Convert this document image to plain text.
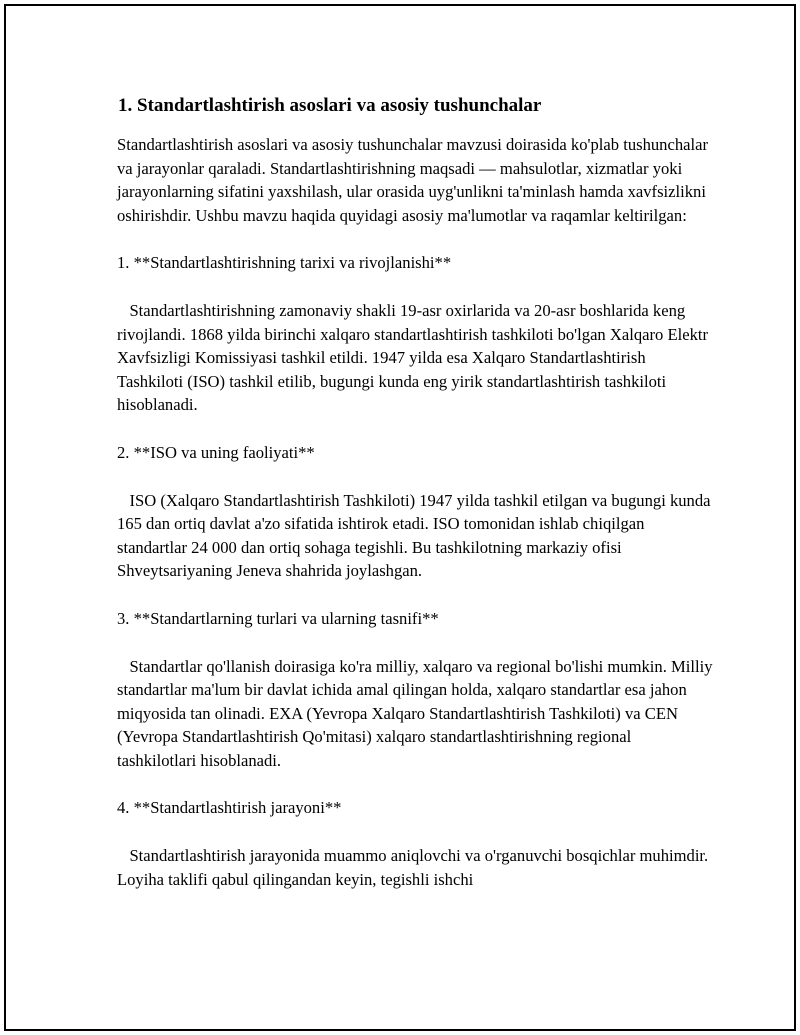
1. Standartlashtirish asoslari va asosiy tushunchalar

Standartlashtirish asoslari va asosiy tushunchalar mavzusi doirasida ko'plab tushunchalar va jarayonlar qaraladi. Standartlashtirishning maqsadi — mahsulotlar, xizmatlar yoki jarayonlarning sifatini yaxshilash, ular orasida uyg'unlikni ta'minlash hamda xavfsizlikni oshirishdir. Ushbu mavzu haqida quyidagi asosiy ma'lumotlar va raqamlar keltirilgan:

1. **Standartlashtirishning tarixi va rivojlanishi**

Standartlashtirishning zamonaviy shakli 19-asr oxirlarida va 20-asr boshlarida keng rivojlandi. 1868 yilda birinchi xalqaro standartlashtirish tashkiloti bo'lgan Xalqaro Elektr Xavfsizligi Komissiyasi tashkil etildi. 1947 yilda esa Xalqaro Standartlashtirish Tashkiloti (ISO) tashkil etilib, bugungi kunda eng yirik standartlashtirish tashkiloti hisoblanadi.

2. **ISO va uning faoliyati**

ISO (Xalqaro Standartlashtirish Tashkiloti) 1947 yilda tashkil etilgan va bugungi kunda 165 dan ortiq davlat a'zo sifatida ishtirok etadi. ISO tomonidan ishlab chiqilgan standartlar 24 000 dan ortiq sohaga tegishli. Bu tashkilotning markaziy ofisi Shveytsariyaning Jeneva shahrida joylashgan.

3. **Standartlarning turlari va ularning tasnifi**

Standartlar qo'llanish doirasiga ko'ra milliy, xalqaro va regional bo'lishi mumkin. Milliy standartlar ma'lum bir davlat ichida amal qilingan holda, xalqaro standartlar esa jahon miqyosida tan olinadi. EXA (Yevropa Xalqaro Standartlashtirish Tashkiloti) va CEN (Yevropa Standartlashtirish Qo'mitasi) xalqaro standartlashtirishning regional tashkilotlari hisoblanadi.

4. **Standartlashtirish jarayoni**

Standartlashtirish jarayonida muammo aniqlovchi va o'rganuvchi bosqichlar muhimdir. Loyiha taklifi qabul qilingandan keyin, tegishli ishchi
